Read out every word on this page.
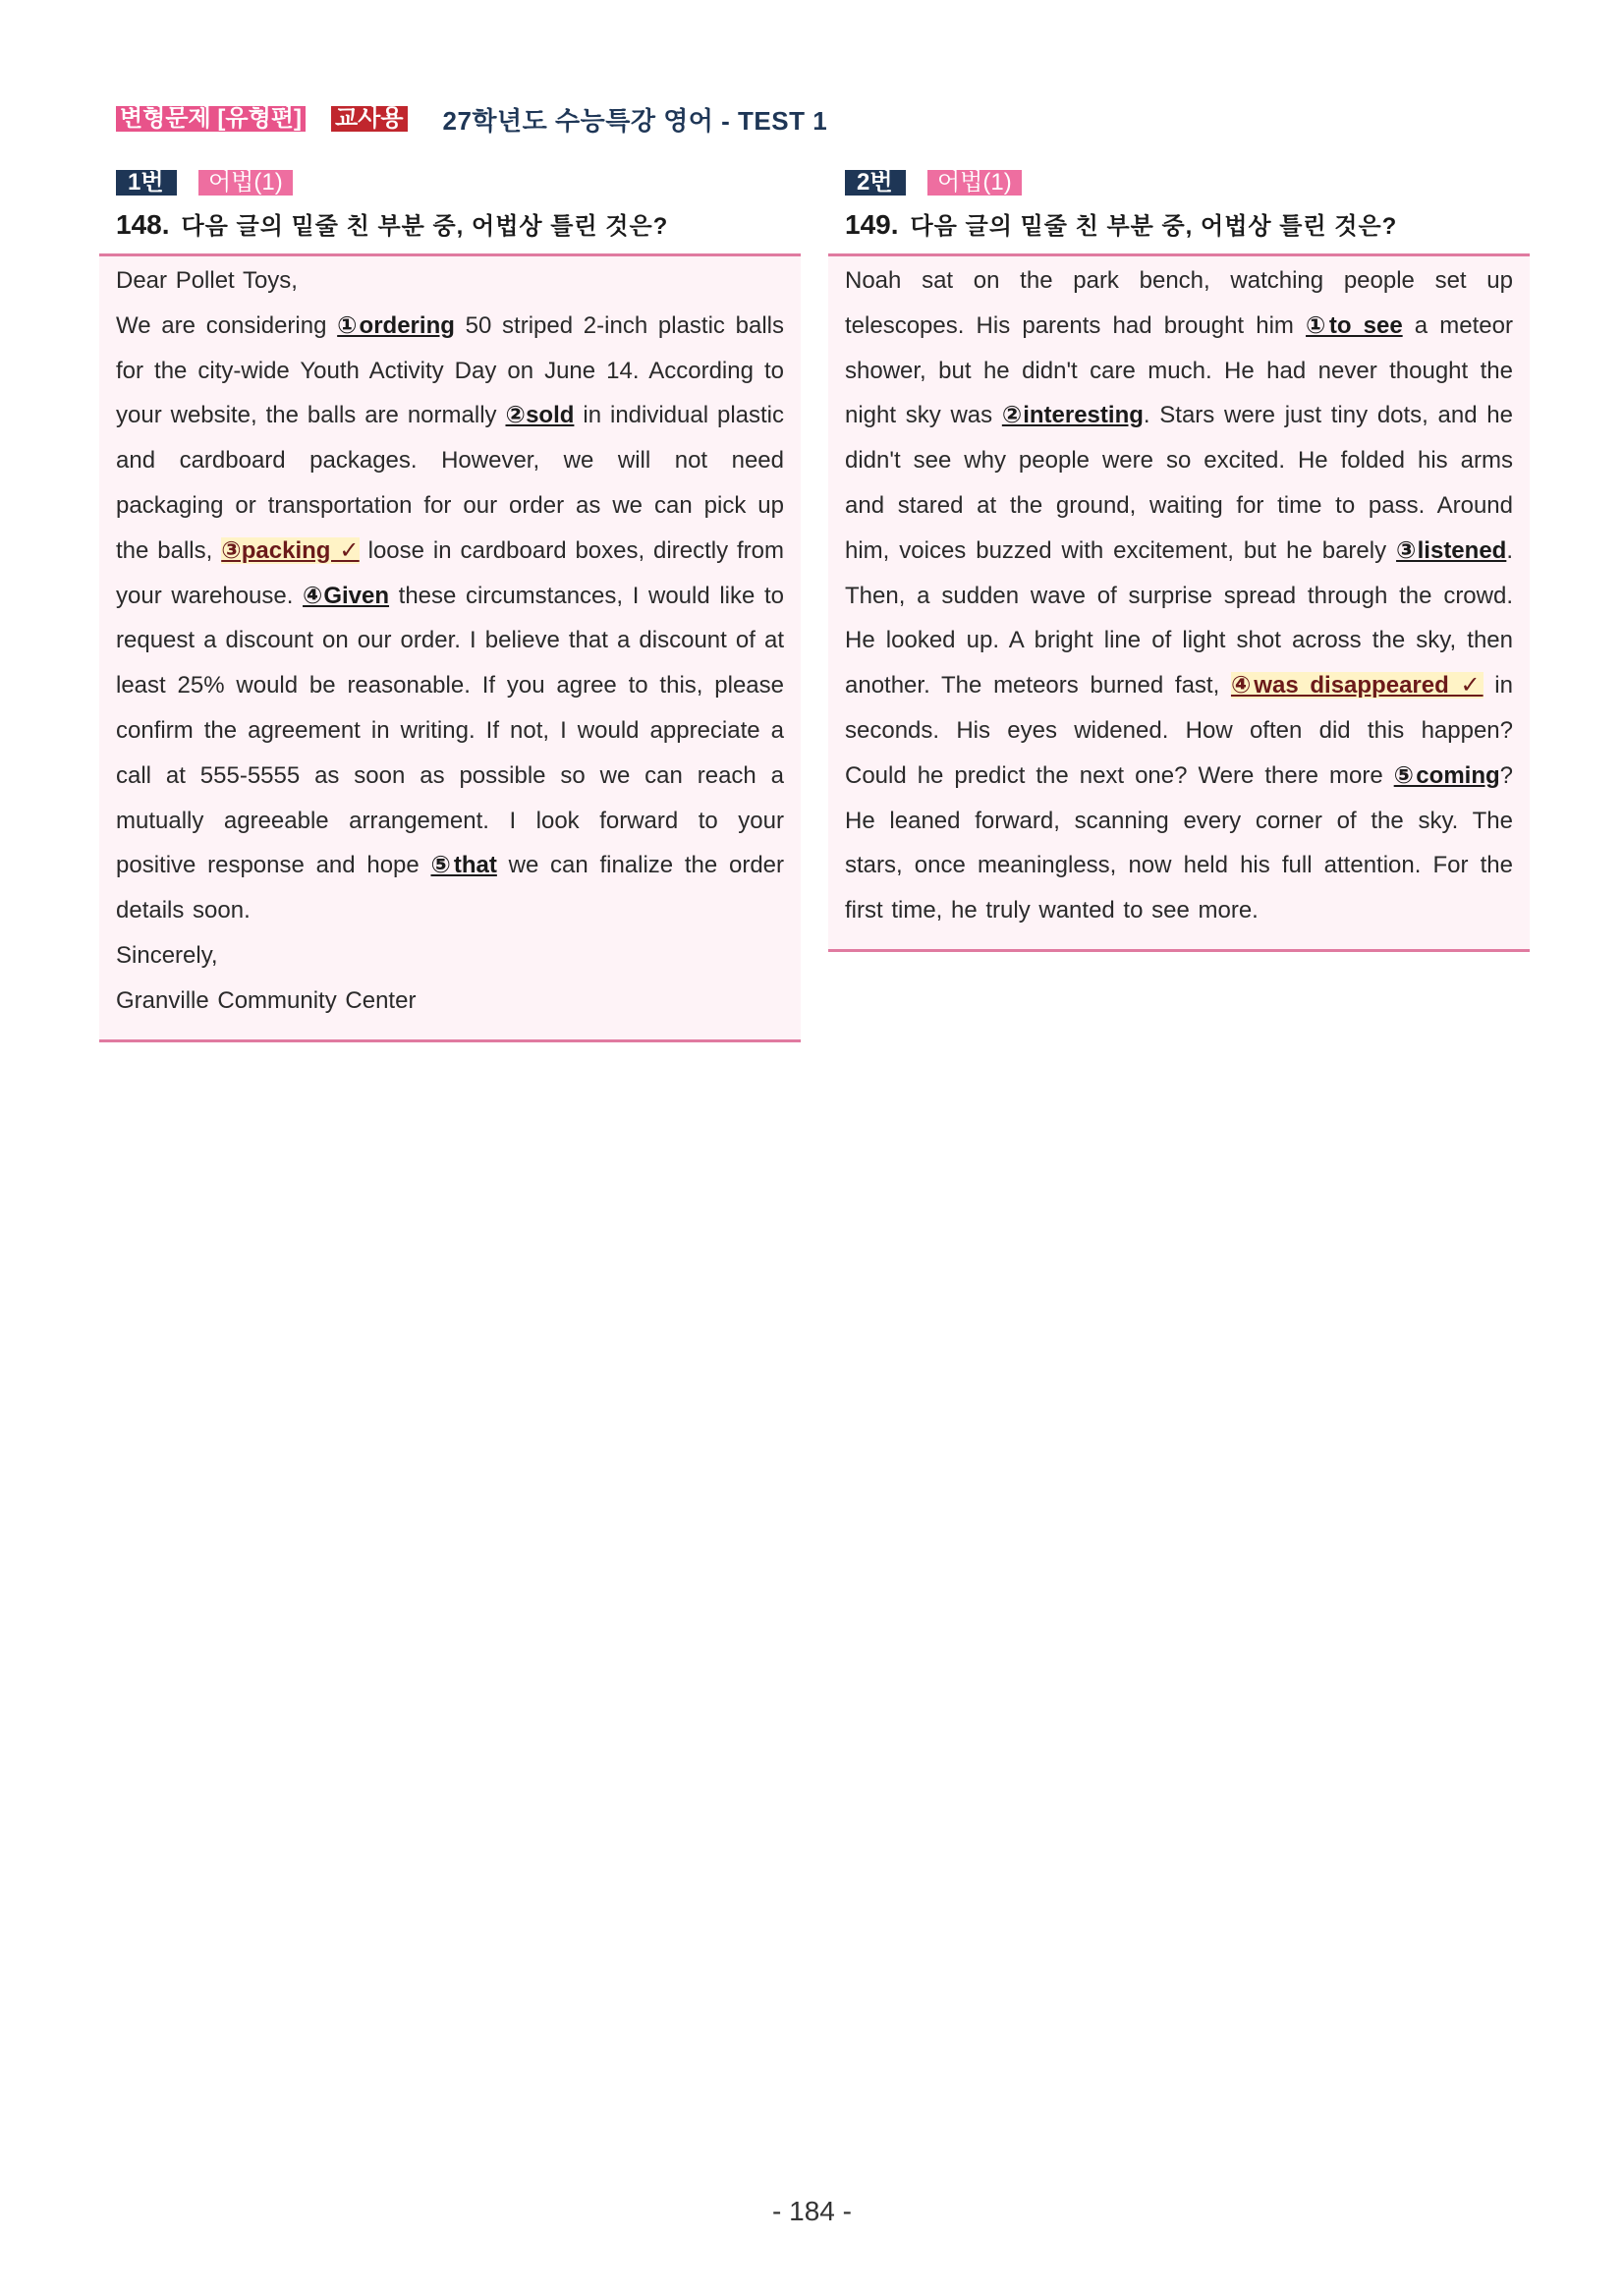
변형문제 [유형편] 교사용 27학년도 수능특강 영어 - TEST 1
1번	어법(1)
148. 다음 글의 밑줄 친 부분 중, 어법상 틀린 것은?

Dear Pollet Toys,

We are considering ①ordering 50 striped 2-inch plastic balls for the city-wide Youth Activity Day on June 14. According to your website, the balls are normally ②sold in individual plastic and cardboard packages. However, we will not need packaging or transportation for our order as we can pick up the balls, ③packing ✓ loose in cardboard boxes, directly from your warehouse. ④Given these circumstances, I would like to request a discount on our order. I believe that a discount of at least 25% would be reasonable. If you agree to this, please confirm the agreement in writing. If not, I would appreciate a call at 555-5555 as soon as possible so we can reach a mutually agreeable arrangement. I look forward to your positive response and hope ⑤that we can finalize the order details soon.

Sincerely,

Granville Community Center

2번	어법(1)
149. 다음 글의 밑줄 친 부분 중, 어법상 틀린 것은?

Noah sat on the park bench, watching people set up telescopes. His parents had brought him ①to see a meteor shower, but he didn't care much. He had never thought the night sky was ②interesting. Stars were just tiny dots, and he didn't see why people were so excited. He folded his arms and stared at the ground, waiting for time to pass. Around him, voices buzzed with excitement, but he barely ③listened. Then, a sudden wave of surprise spread through the crowd. He looked up. A bright line of light shot across the sky, then another. The meteors burned fast, ④was disappeared ✓ in seconds. His eyes widened. How often did this happen? Could he predict the next one? Were there more ⑤coming? He leaned forward, scanning every corner of the sky. The stars, once meaningless, now held his full attention. For the first time, he truly wanted to see more.

- 184 -
